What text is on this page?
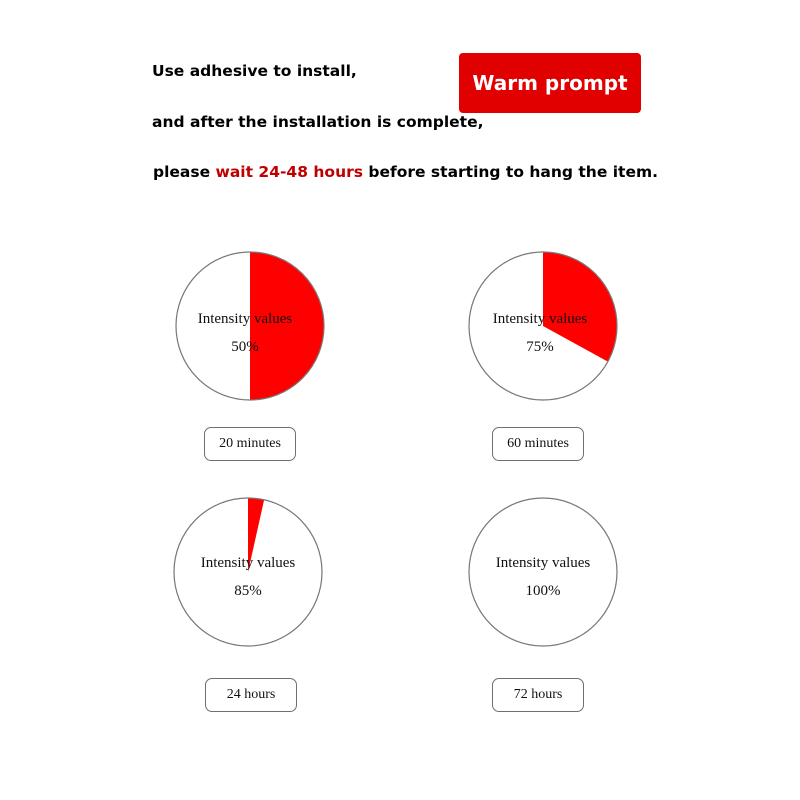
Use adhesive to install,
and after the installation is complete,
please wait 24-48 hours before starting to hang the item.
Warm prompt
Intensity values
50%
20 minutes
Intensity values
75%
60 minutes
Intensity values
85%
24 hours
Intensity values
100%
72 hours
